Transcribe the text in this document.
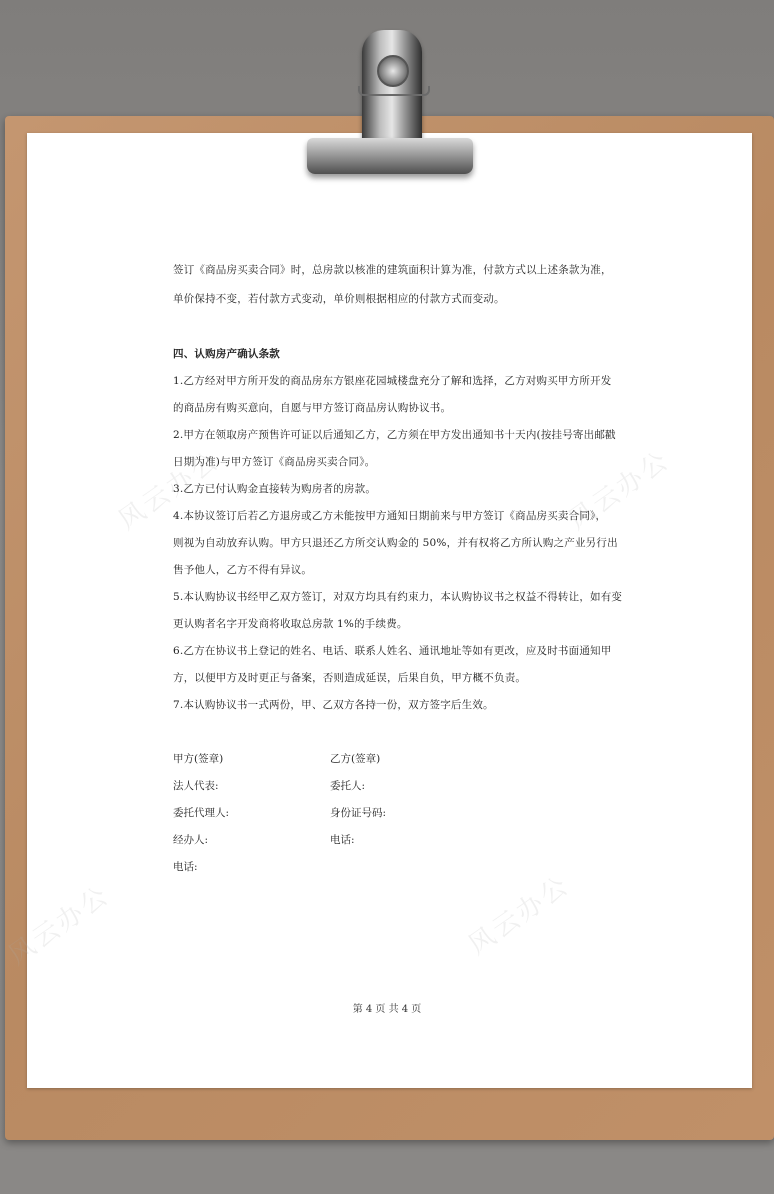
风云办公	风云办公
风云办公	风云办公
签订《商品房买卖合同》时，总房款以核准的建筑面积计算为准，付款方式以上述条款为准，
单价保持不变，若付款方式变动，单价则根据相应的付款方式而变动。
四、认购房产确认条款
1.乙方经对甲方所开发的商品房东方银座花园城楼盘充分了解和选择，乙方对购买甲方所开发
的商品房有购买意向，自愿与甲方签订商品房认购协议书。
2.甲方在领取房产预售许可证以后通知乙方，乙方须在甲方发出通知书十天内(按挂号寄出邮戳
日期为准)与甲方签订《商品房买卖合同》。
3.乙方已付认购金直接转为购房者的房款。
4.本协议签订后若乙方退房或乙方未能按甲方通知日期前来与甲方签订《商品房买卖合同》，
则视为自动放弃认购。甲方只退还乙方所交认购金的 50%，并有权将乙方所认购之产业另行出
售予他人，乙方不得有异议。
5.本认购协议书经甲乙双方签订，对双方均具有约束力，本认购协议书之权益不得转让，如有变
更认购者名字开发商将收取总房款 1%的手续费。
6.乙方在协议书上登记的姓名、电话、联系人姓名、通讯地址等如有更改，应及时书面通知甲
方，以便甲方及时更正与备案，否则造成延误，后果自负，甲方概不负责。
7.本认购协议书一式两份，甲、乙双方各持一份，双方签字后生效。
甲方(签章)
法人代表:
委托代理人:
经办人:
电话:
乙方(签章)
委托人:
身份证号码:
电话:
第 4 页 共 4 页
